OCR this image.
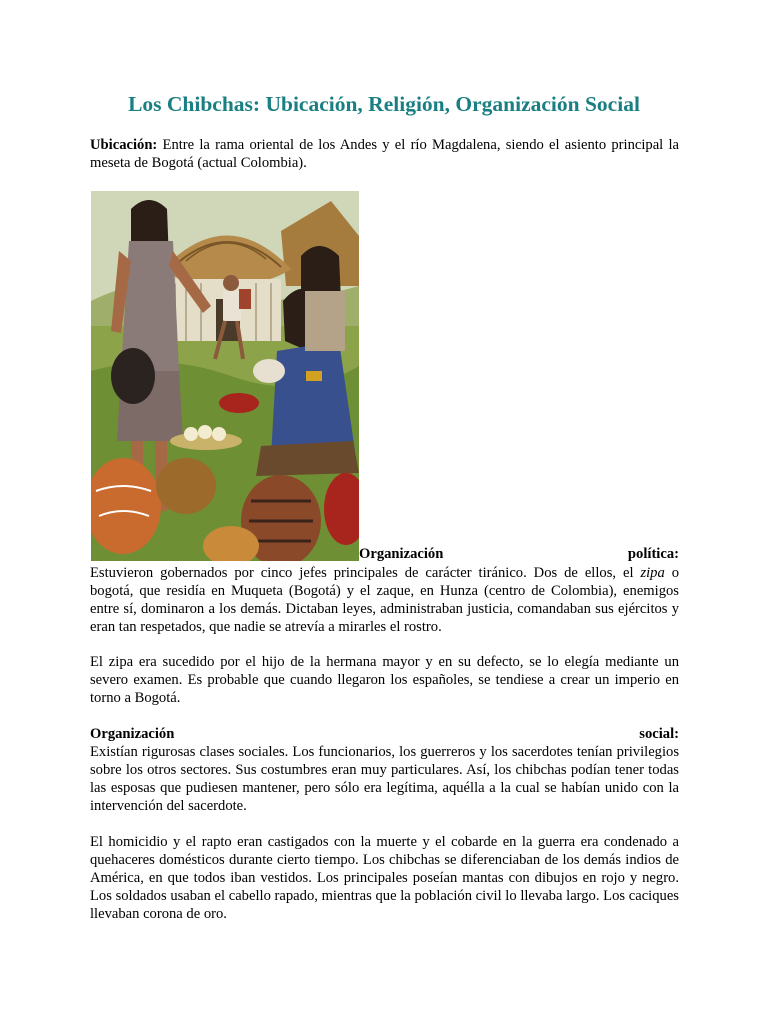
Los Chibchas: Ubicación, Religión, Organización Social

Ubicación: Entre la rama oriental de los Andes y el río Magdalena, siendo el asiento principal la meseta de Bogotá (actual Colombia).

Organización	política:

Estuvieron gobernados por cinco jefes principales de carácter tiránico. Dos de ellos, el zipa o bogotá, que residía en Muqueta (Bogotá) y el zaque, en Hunza (centro de Colombia), enemigos entre sí, dominaron a los demás. Dictaban leyes, administraban justicia, comandaban sus ejércitos y eran tan respetados, que nadie se atrevía a mirarles el rostro.

El zipa era sucedido por el hijo de la hermana mayor y en su defecto, se lo elegía mediante un severo examen. Es probable que cuando llegaron los españoles, se tendiese a crear un imperio en torno a Bogotá.

Organización	social:

Existían rigurosas clases sociales. Los funcionarios, los guerreros y los sacerdotes tenían privilegios sobre los otros sectores. Sus costumbres eran muy particulares. Así, los chibchas podían tener todas las esposas que pudiesen mantener, pero sólo era legítima, aquélla a la cual se habían unido con la intervención del sacerdote.

El homicidio y el rapto eran castigados con la muerte y el cobarde en la guerra era condenado a quehaceres domésticos durante cierto tiempo. Los chibchas se diferenciaban de los demás indios de América, en que todos iban vestidos. Los principales poseían mantas con dibujos en rojo y negro. Los soldados usaban el cabello rapado, mientras que la población civil lo llevaba largo. Los caciques llevaban corona de oro.
